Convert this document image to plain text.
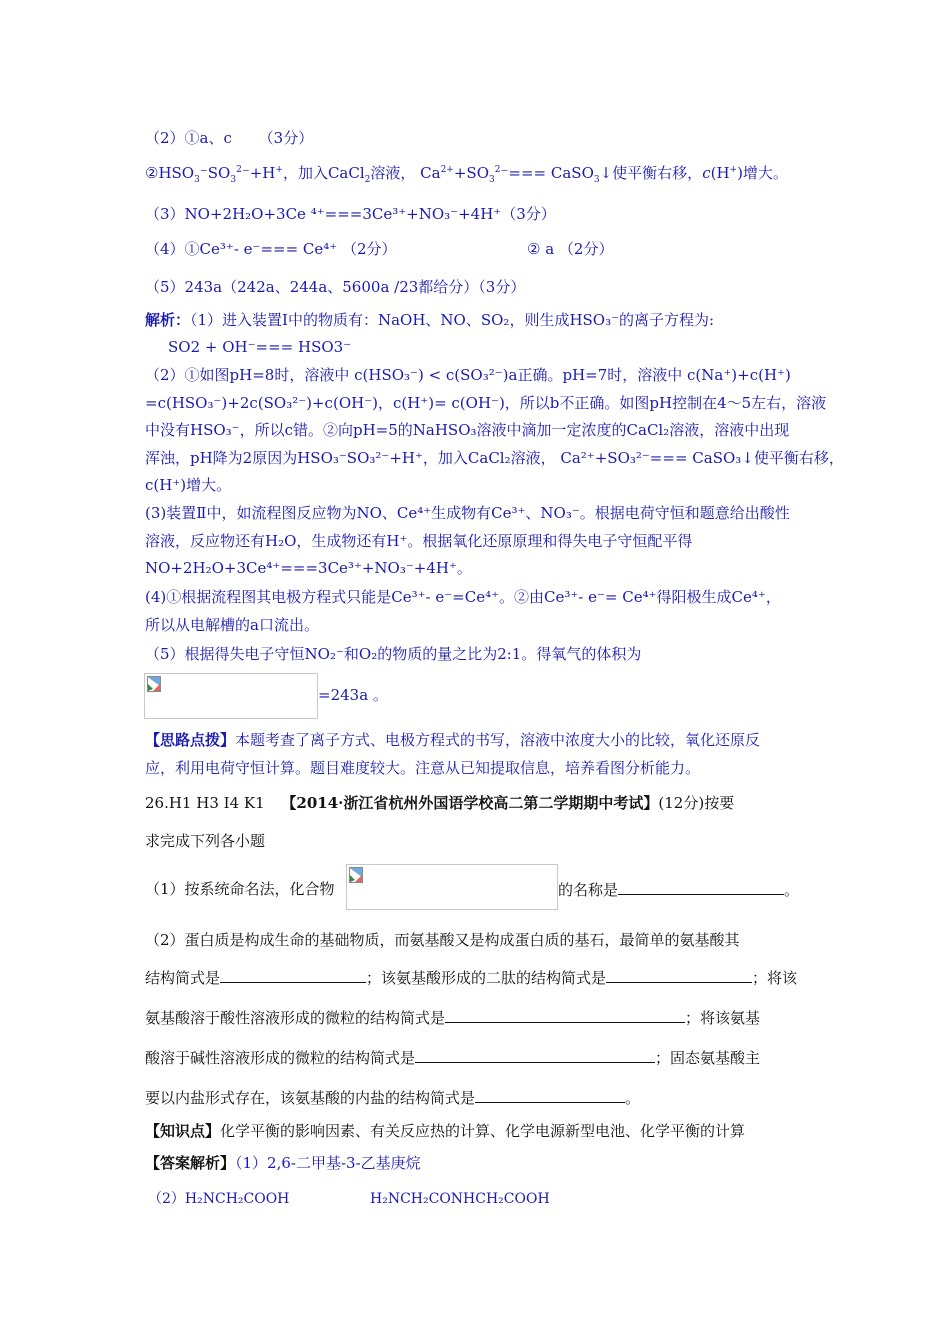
（2）①a、c （3分）
$②HSO_3^-SO_3^2^-+H^+$，加入CaCl$_2$溶液， $Ca^{2+}+SO_3^2^-===$ CaSO$_3$↓使平衡右移，c(H+)增大。
（3）NO+2H₂O+3Ce ⁴⁺===3Ce³⁺+NO₃⁻+4H⁺（3分）
（4）①Ce³⁺- e⁻=== Ce⁴⁺ （2分）	② a （2分）
（5）243a（242a、244a、5600a /23都给分）（3分）
解析：（1）进入装置Ⅰ中的物质有：NaOH、NO、SO₂，则生成HSO₃⁻的离子方程为:
SO2 + OH⁻=== HSO3⁻
（2）①如图pH=8时，溶液中 c(HSO₃⁻) < c(SO₃²⁻)a正确。pH=7时，溶液中 c(Na⁺)+c(H⁺)
=c(HSO₃⁻)+2c(SO₃²⁻)+c(OH⁻)，c(H⁺)= c(OH⁻)，所以b不正确。如图pH控制在4～5左右，溶液
中没有HSO₃⁻，所以c错。②向pH=5的NaHSO₃溶液中滴加一定浓度的CaCl₂溶液，溶液中出现
浑浊，pH降为2原因为HSO₃⁻SO₃²⁻+H⁺，加入CaCl₂溶液， Ca²⁺+SO₃²⁻=== CaSO₃↓使平衡右移，
c(H⁺)增大。
(3)装置Ⅱ中，如流程图反应物为NO、Ce⁴⁺生成物有Ce³⁺、NO₃⁻。根据电荷守恒和题意给出酸性
溶液，反应物还有H₂O，生成物还有H⁺。根据氧化还原原理和得失电子守恒配平得
NO+2H₂O+3Ce⁴⁺===3Ce³⁺+NO₃⁻+4H⁺。
(4)①根据流程图其电极方程式只能是Ce³⁺- e⁻=Ce⁴⁺。②由Ce³⁺- e⁻= Ce⁴⁺得阳极生成Ce⁴⁺，
所以从电解槽的a口流出。
（5）根据得失电子守恒NO₂⁻和O₂的物质的量之比为2:1。得氧气的体积为
=243a 。
【思路点拨】本题考查了离子方式、电极方程式的书写，溶液中浓度大小的比较，氧化还原反
应，利用电荷守恒计算。题目难度较大。注意从已知提取信息，培养看图分析能力。
26.H1 H3 I4 K1 【2014·浙江省杭州外国语学校高二第二学期期中考试】(12分)按要
求完成下列各小题
（1）按系统命名法，化合物	的名称是	。
（2）蛋白质是构成生命的基础物质，而氨基酸又是构成蛋白质的基石，最简单的氨基酸其
结构简式是	；该氨基酸形成的二肽的结构简式是	；将该
氨基酸溶于酸性溶液形成的微粒的结构简式是	；将该氨基
酸溶于碱性溶液形成的微粒的结构简式是	；固态氨基酸主
要以内盐形式存在，该氨基酸的内盐的结构简式是	。
【知识点】化学平衡的影响因素、有关反应热的计算、化学电源新型电池、化学平衡的计算
【答案解析】（1）2,6-二甲基-3-乙基庚烷
（2）H₂NCH₂COOH	H₂NCH₂CONHCH₂COOH
